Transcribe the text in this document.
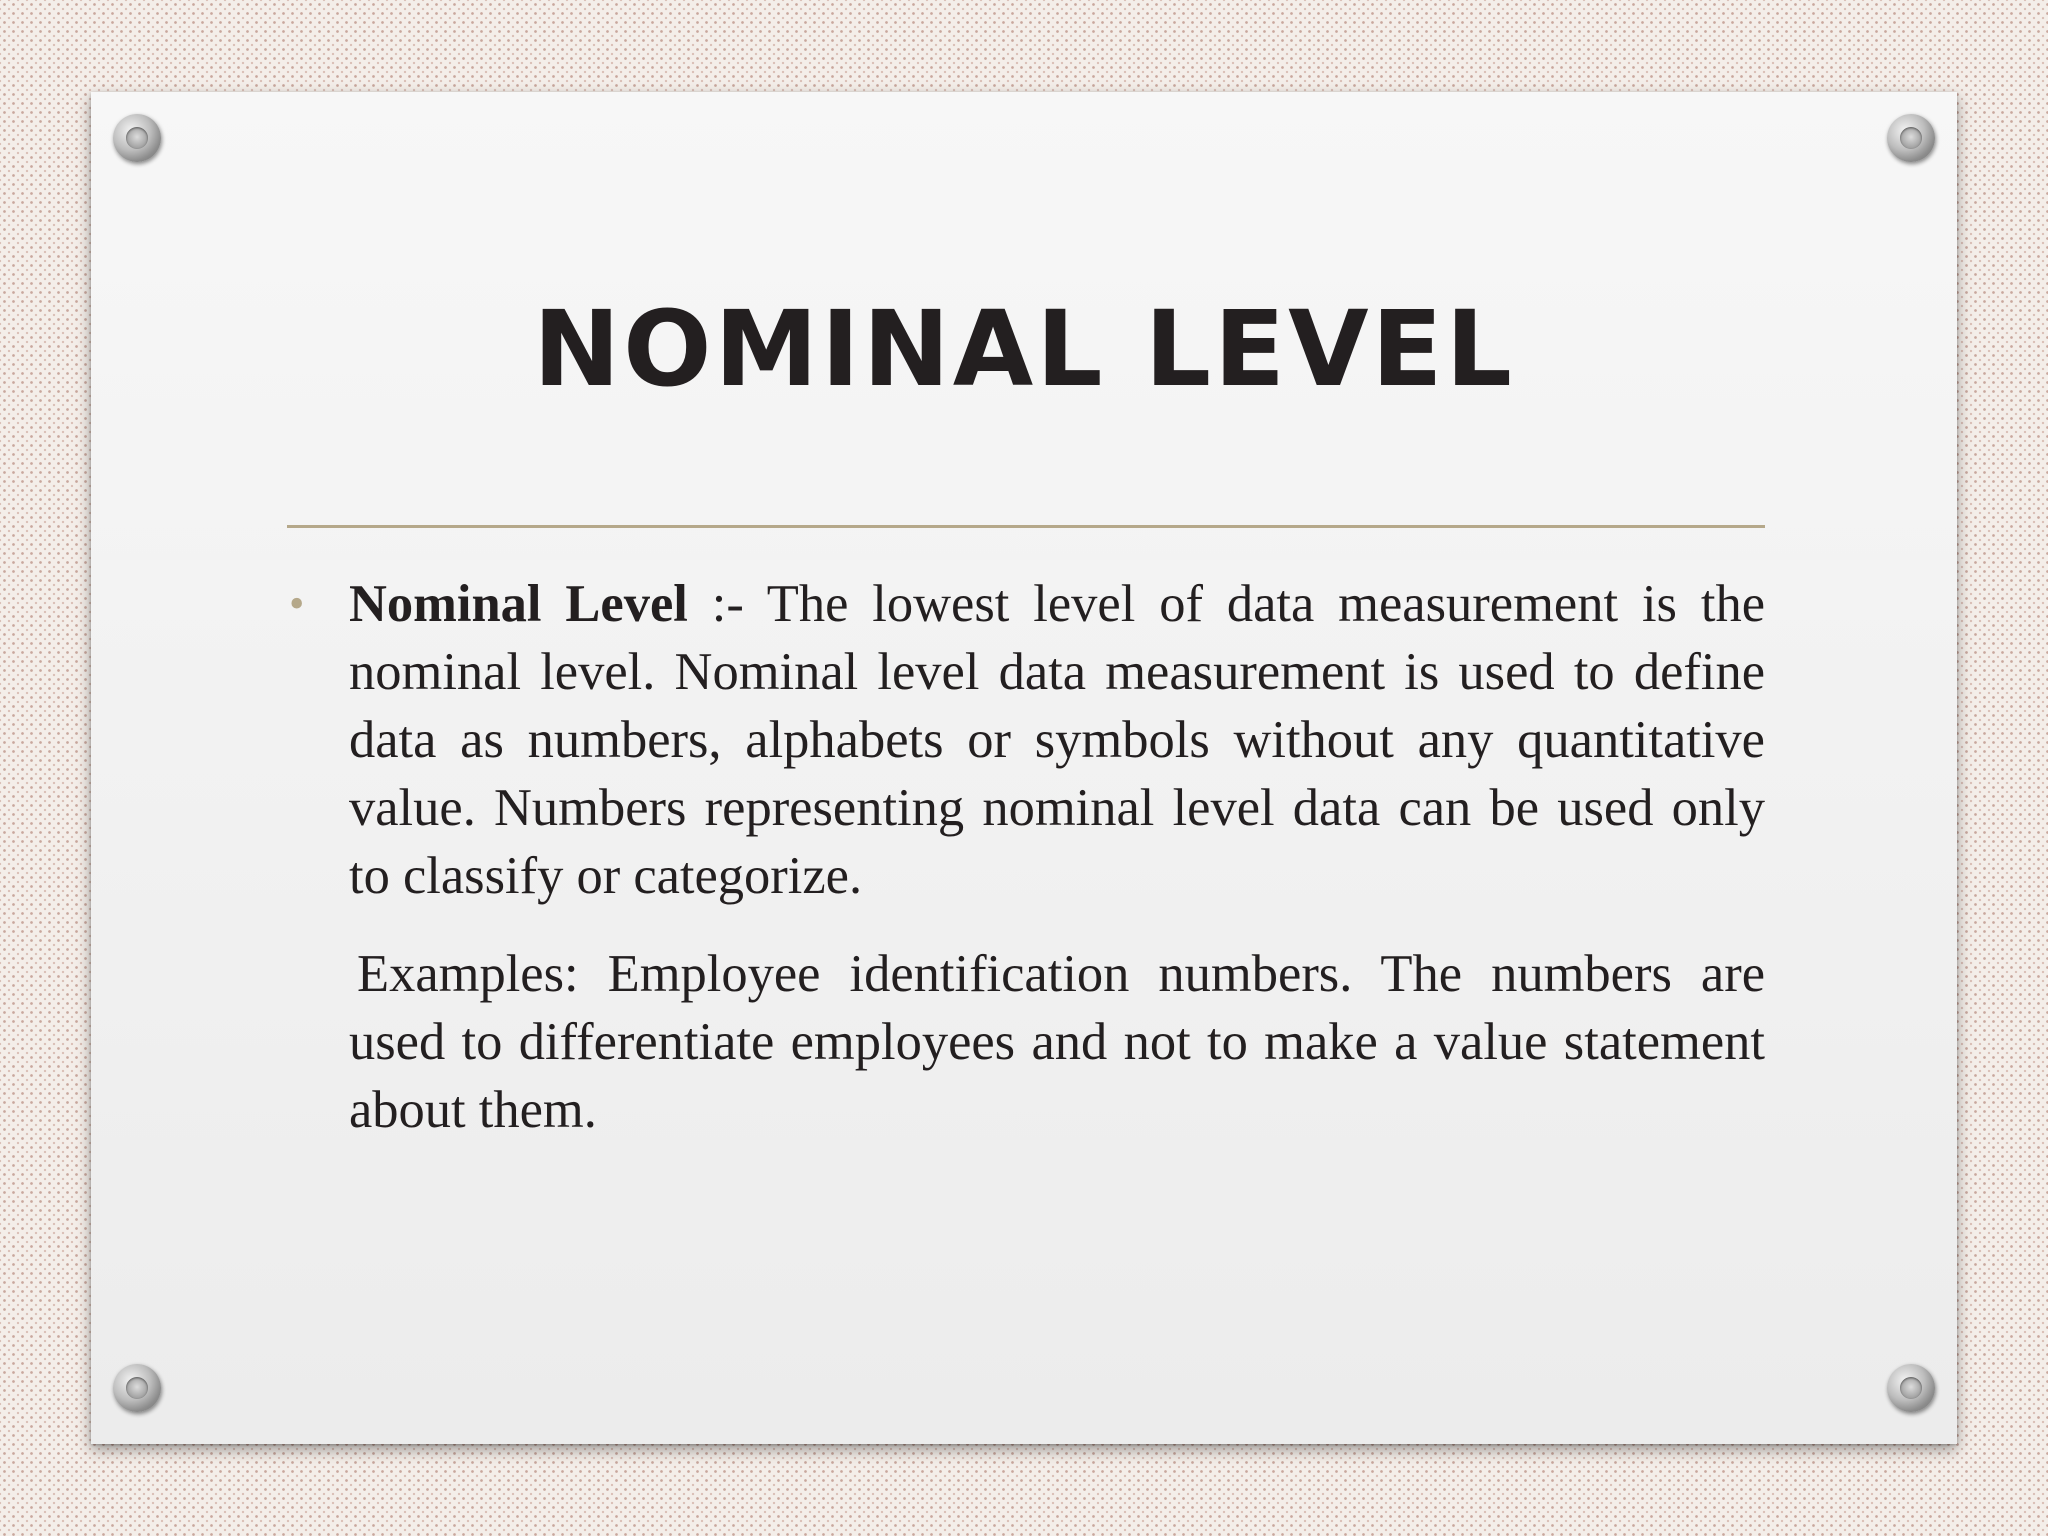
NOMINAL LEVEL

• Nominal Level :- The lowest level of data measurement is the nominal level. Nominal level data measurement is used to define data as numbers, alphabets or symbols without any quantitative value. Numbers representing nominal level data can be used only to classify or categorize.

Examples: Employee identification numbers. The numbers are used to differentiate employees and not to make a value statement about them.
